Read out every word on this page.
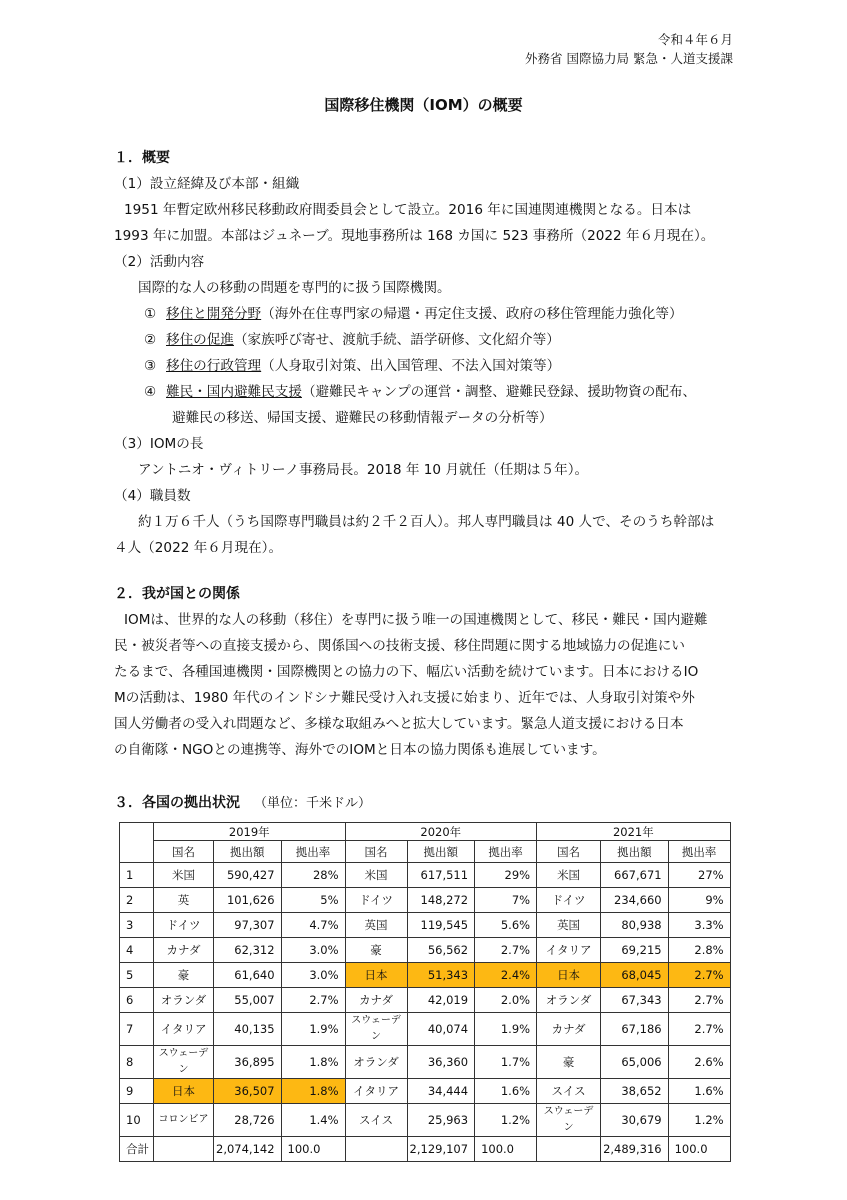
令和４年６月
外務省 国際協力局 緊急・人道支援課
国際移住機関（IOM）の概要
１．概要
（1）設立経緯及び本部・組織
1951 年暫定欧州移民移動政府間委員会として設立。2016 年に国連関連機関となる。日本は
1993 年に加盟。本部はジュネーブ。現地事務所は 168 カ国に 523 事務所（2022 年６月現在）。
（2）活動内容
国際的な人の移動の問題を専門的に扱う国際機関。
① 移住と開発分野（海外在住専門家の帰還・再定住支援、政府の移住管理能力強化等）
② 移住の促進（家族呼び寄せ、渡航手続、語学研修、文化紹介等）
③ 移住の行政管理（人身取引対策、出入国管理、不法入国対策等）
④ 難民・国内避難民支援（避難民キャンプの運営・調整、避難民登録、援助物資の配布、
避難民の移送、帰国支援、避難民の移動情報データの分析等）
（3）IOMの長
アントニオ・ヴィトリーノ事務局長。2018 年 10 月就任（任期は５年）。
（4）職員数
約１万６千人（うち国際専門職員は約２千２百人）。邦人専門職員は 40 人で、そのうち幹部は
４人（2022 年６月現在）。
２．我が国との関係
IOMは、世界的な人の移動（移住）を専門に扱う唯一の国連機関として、移民・難民・国内避難
民・被災者等への直接支援から、関係国への技術支援、移住問題に関する地域協力の促進にい
たるまで、各種国連機関・国際機関との協力の下、幅広い活動を続けています。日本におけるIO
Mの活動は、1980 年代のインドシナ難民受け入れ支援に始まり、近年では、人身取引対策や外
国人労働者の受入れ問題など、多様な取組みへと拡大しています。緊急人道支援における日本
の自衛隊・NGOとの連携等、海外でのIOMと日本の協力関係も進展しています。
３．各国の拠出状況 （単位：千米ドル）
	2019年			2020年			2021年		
	国名	拠出額	拠出率	国名	拠出額	拠出率	国名	拠出額	拠出率
1	米国	590,427	28%	米国	617,511	29%	米国	667,671	27%
2	英	101,626	5%	ドイツ	148,272	7%	ドイツ	234,660	9%
3	ドイツ	97,307	4.7%	英国	119,545	5.6%	英国	80,938	3.3%
4	カナダ	62,312	3.0%	豪	56,562	2.7%	イタリア	69,215	2.8%
5	豪	61,640	3.0%	日本	51,343	2.4%	日本	68,045	2.7%
6	オランダ	55,007	2.7%	カナダ	42,019	2.0%	オランダ	67,343	2.7%
7	イタリア	40,135	1.9%	スウェーデン	40,074	1.9%	カナダ	67,186	2.7%
8	スウェーデン	36,895	1.8%	オランダ	36,360	1.7%	豪	65,006	2.6%
9	日本	36,507	1.8%	イタリア	34,444	1.6%	スイス	38,652	1.6%
10	コロンビア	28,726	1.4%	スイス	25,963	1.2%	スウェーデン	30,679	1.2%
合計		2,074,142	100.0		2,129,107	100.0		2,489,316	100.0
